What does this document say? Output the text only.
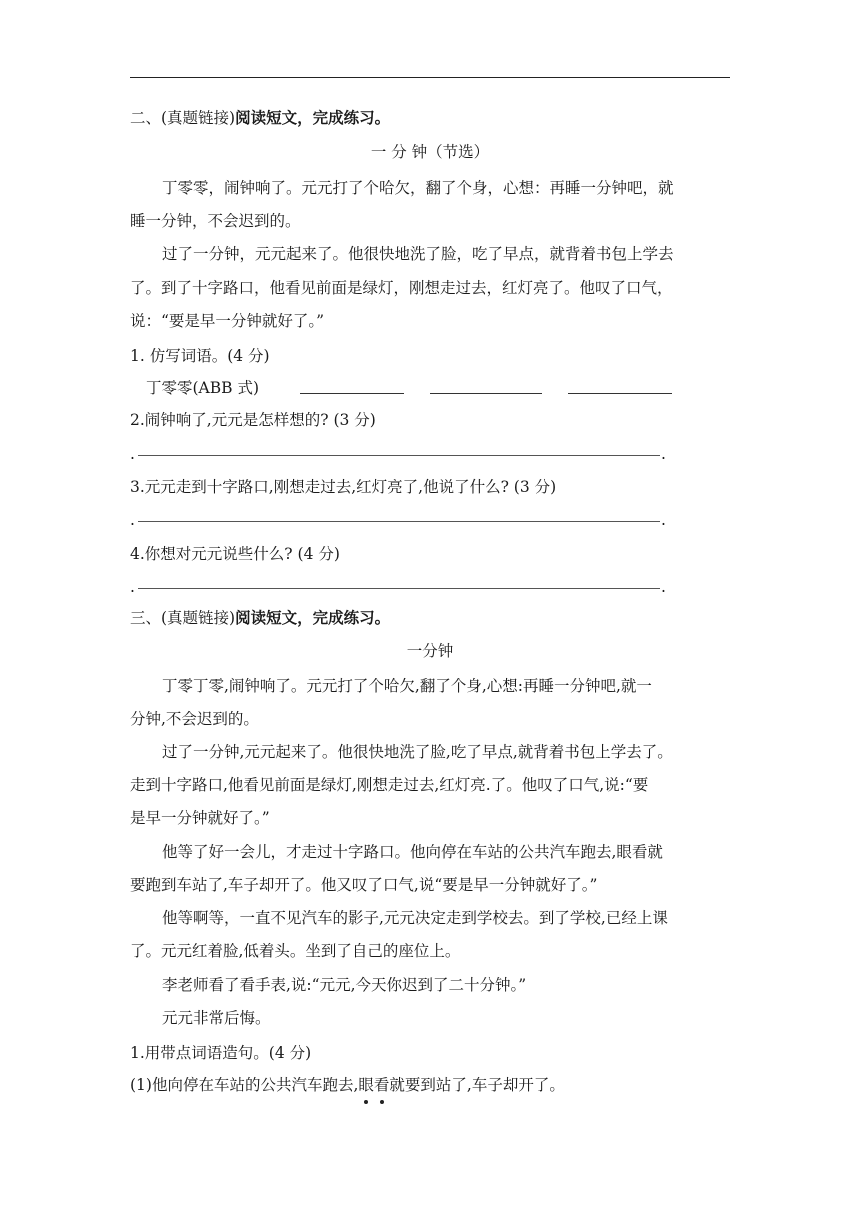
二、(真题链接)阅读短文，完成练习。
一 分 钟（节选）
丁零零，闹钟响了。元元打了个哈欠，翻了个身，心想：再睡一分钟吧，就
睡一分钟，不会迟到的。
过了一分钟，元元起来了。他很快地洗了脸，吃了早点，就背着书包上学去
了。到了十字路口，他看见前面是绿灯，刚想走过去，红灯亮了。他叹了口气，
说：“要是早一分钟就好了。”
1. 仿写词语。(4 分)
丁零零(ABB 式)
2.闹钟响了,元元是怎样想的? (3 分)
.	.
3.元元走到十字路口,刚想走过去,红灯亮了,他说了什么? (3 分)
.	.
4.你想对元元说些什么? (4 分)
.	.
三、(真题链接)阅读短文，完成练习。
一分钟
丁零丁零,闹钟响了。元元打了个哈欠,翻了个身,心想:再睡一分钟吧,就一
分钟,不会迟到的。
过了一分钟,元元起来了。他很快地洗了脸,吃了早点,就背着书包上学去了。
走到十字路口,他看见前面是绿灯,刚想走过去,红灯亮.了。他叹了口气,说:“要
是早一分钟就好了。”
他等了好一会儿，才走过十字路口。他向停在车站的公共汽车跑去,眼看就
要跑到车站了,车子却开了。他又叹了口气,说“要是早一分钟就好了。”
他等啊等，一直不见汽车的影子,元元决定走到学校去。到了学校,已经上课
了。元元红着脸,低着头。坐到了自己的座位上。
李老师看了看手表,说:“元元,今天你迟到了二十分钟。”
元元非常后悔。
1.用带点词语造句。(4 分)
(1)他向停在车站的公共汽车跑去,眼看
就要到站了,车子却开了。
